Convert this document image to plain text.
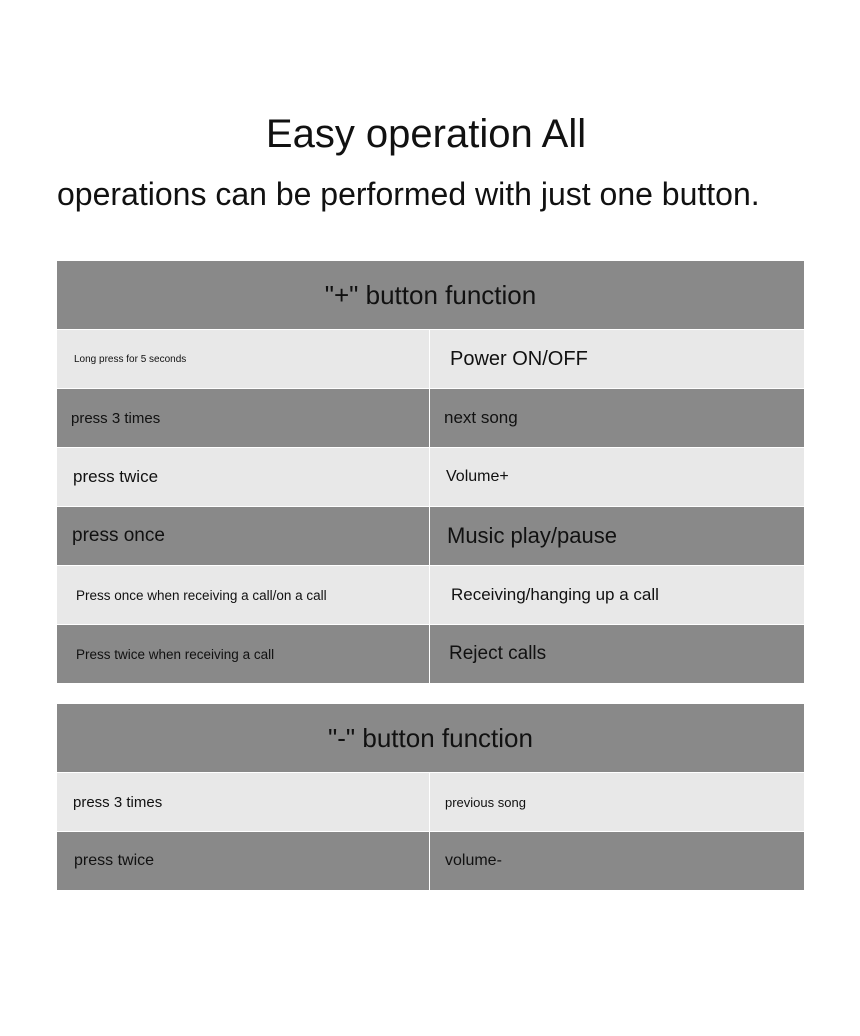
Easy operation All
operations can be performed with just one button.
"+" button function
Long press for 5 seconds	Power ON/OFF
press 3 times	next song
press twice	Volume+
press once	Music play/pause
Press once when receiving a call/on a call	Receiving/hanging up a call
Press twice when receiving a call	Reject calls
"-" button function
press 3 times	previous song
press twice	volume-
